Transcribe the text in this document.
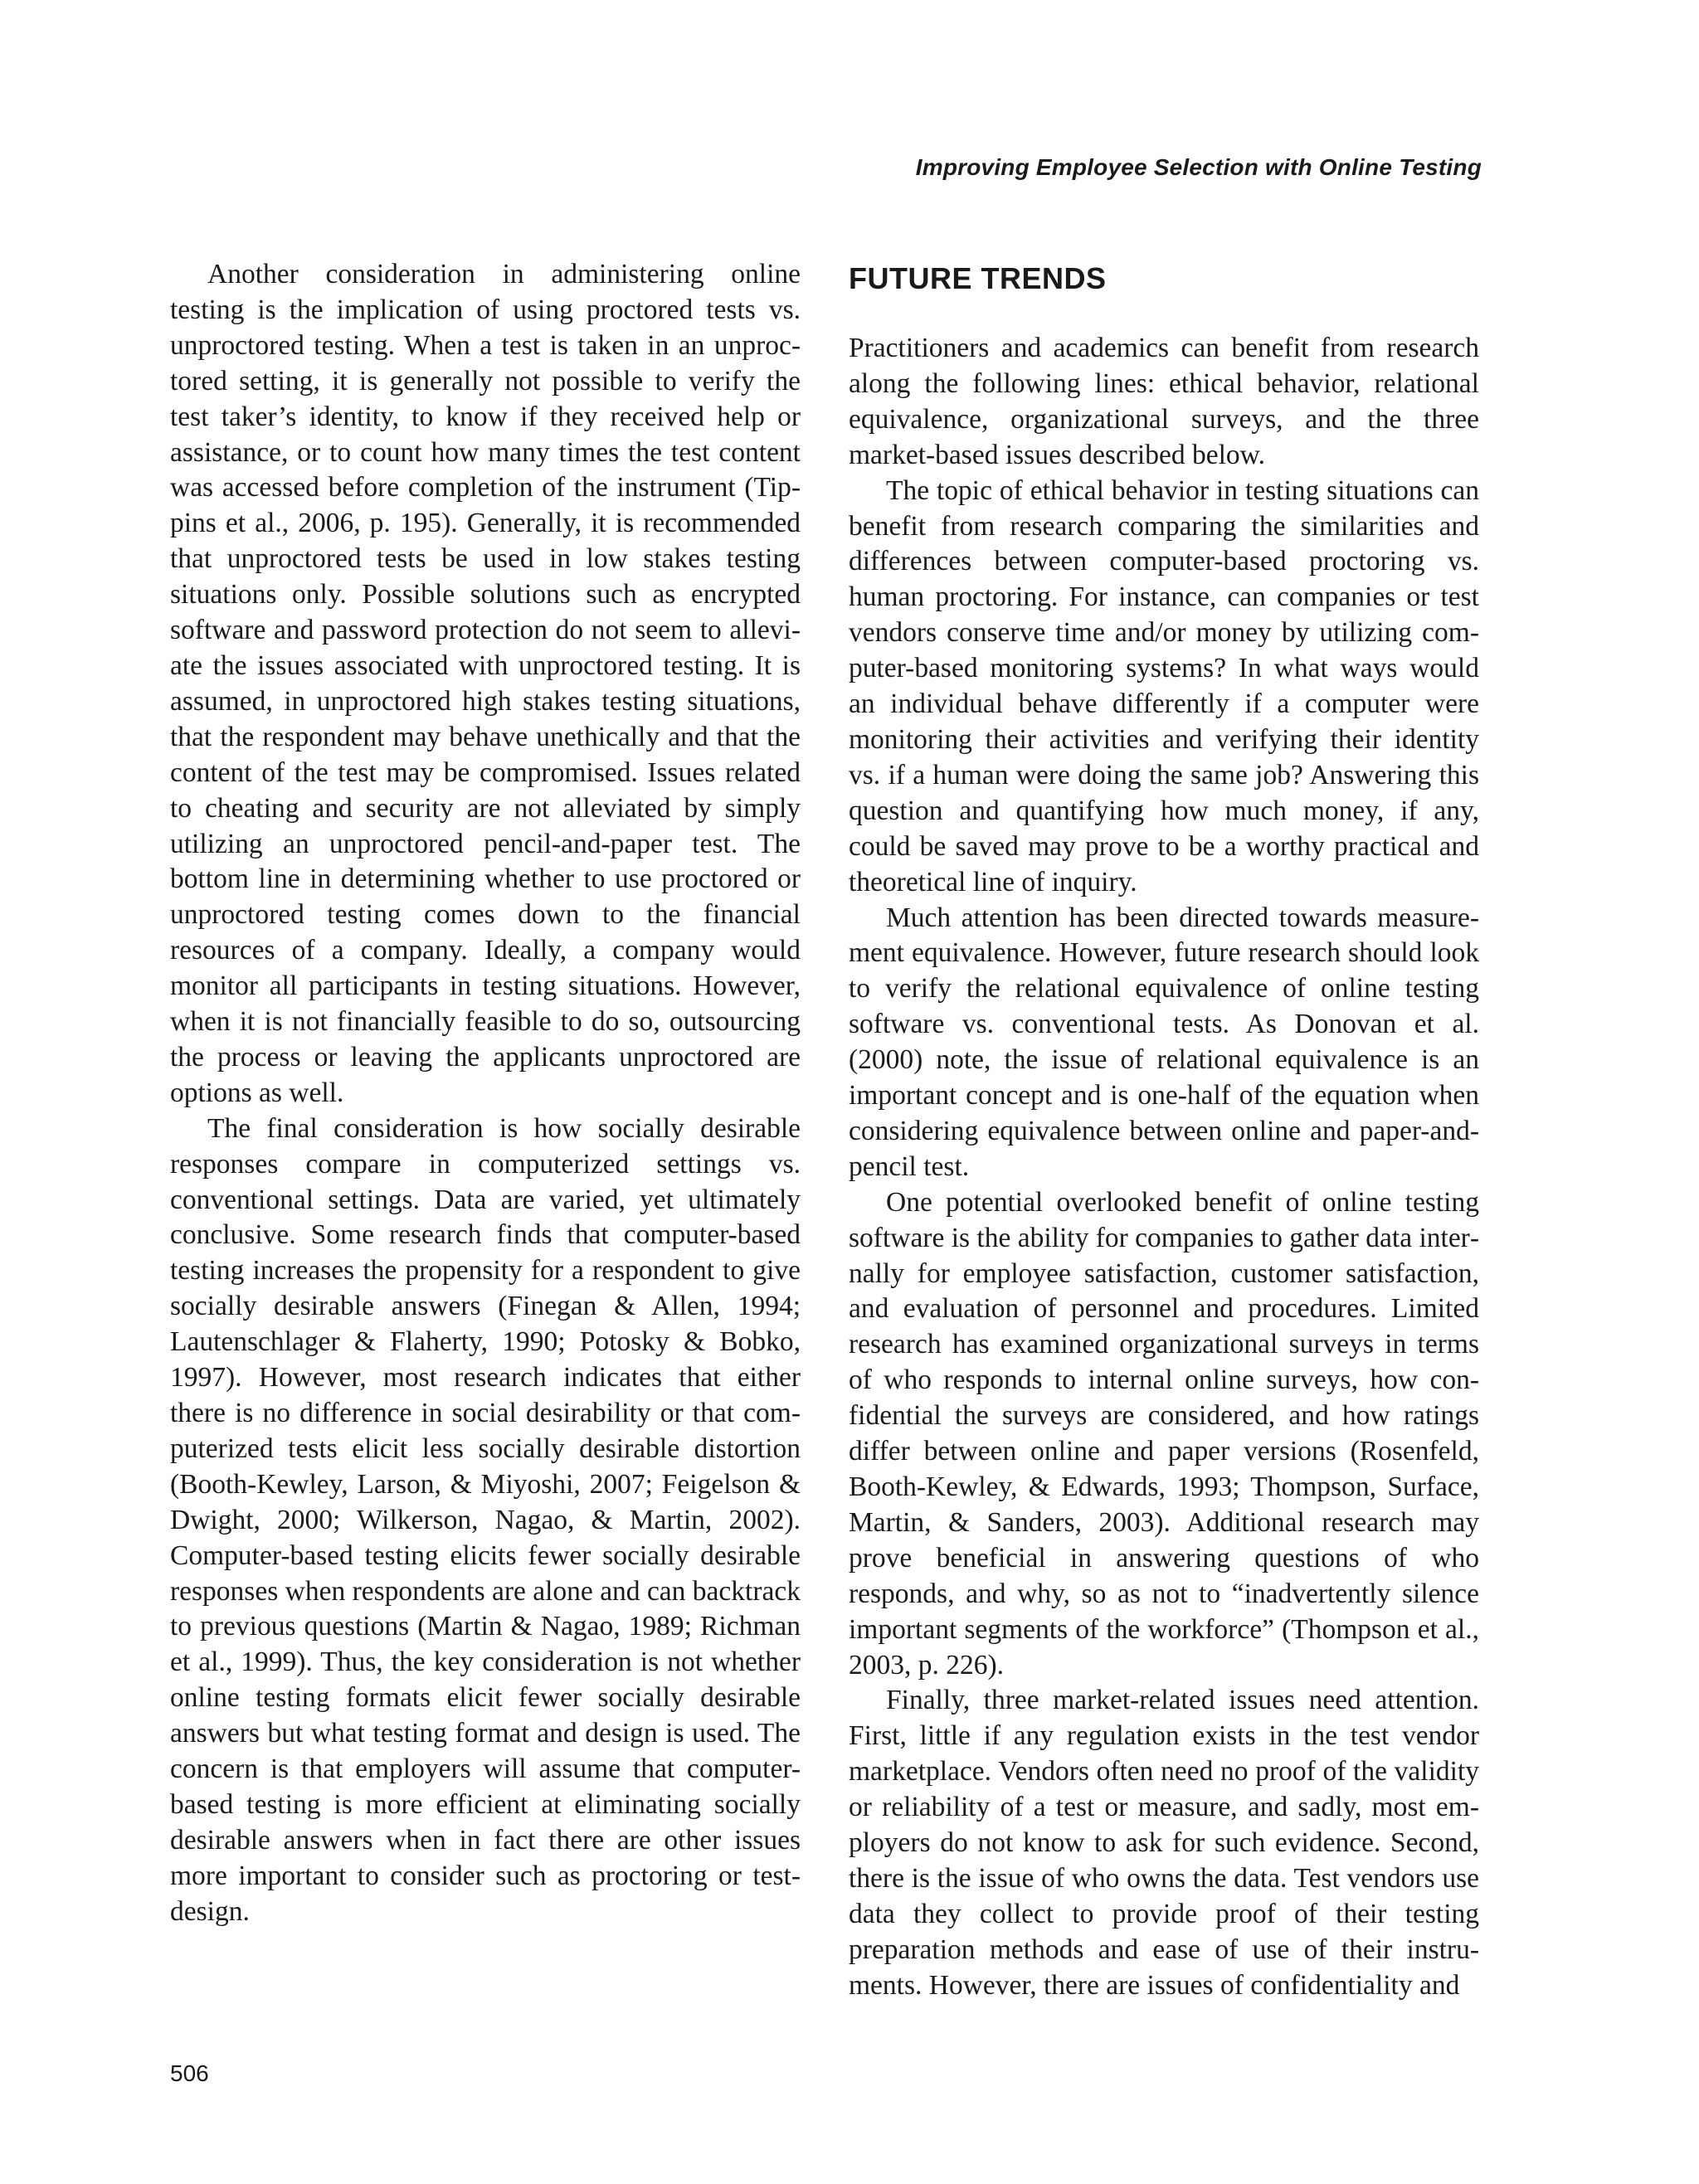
Improving Employee Selection with Online Testing

Another consideration in administering online testing is the implication of using proctored tests vs. unproctored testing. When a test is taken in an unproctored setting, it is generally not possible to verify the test taker’s identity, to know if they received help or assistance, or to count how many times the test content was accessed before completion of the instrument (Tippins et al., 2006, p. 195). Generally, it is recommended that unproctored tests be used in low stakes testing situations only. Possible solutions such as encrypted software and password protection do not seem to alleviate the issues associated with unproctored testing. It is assumed, in unproctored high stakes testing situations, that the respondent may behave unethically and that the content of the test may be compromised. Issues related to cheating and security are not alleviated by simply utilizing an unproctored pencil-and-paper test. The bottom line in determining whether to use proctored or unproctored testing comes down to the financial resources of a company. Ideally, a company would monitor all participants in testing situations. However, when it is not financially feasible to do so, outsourcing the process or leaving the applicants unproctored are options as well.

The final consideration is how socially desirable responses compare in computerized settings vs. conventional settings. Data are varied, yet ultimately conclusive. Some research finds that computer-based testing increases the propensity for a respondent to give socially desirable answers (Finegan & Allen, 1994; Lautenschlager & Flaherty, 1990; Potosky & Bobko, 1997). However, most research indicates that either there is no difference in social desirability or that computerized tests elicit less socially desirable distortion (Booth-Kewley, Larson, & Miyoshi, 2007; Feigelson & Dwight, 2000; Wilkerson, Nagao, & Martin, 2002). Computer-based testing elicits fewer socially desirable responses when respondents are alone and can backtrack to previous questions (Martin & Nagao, 1989; Richman et al., 1999). Thus, the key consideration is not whether online testing formats elicit fewer socially desirable answers but what testing format and design is used. The concern is that employers will assume that computer-based testing is more efficient at eliminating socially desirable answers when in fact there are other issues more important to consider such as proctoring or test-design.

FUTURE TRENDS

Practitioners and academics can benefit from research along the following lines: ethical behavior, relational equivalence, organizational surveys, and the three market-based issues described below.

The topic of ethical behavior in testing situations can benefit from research comparing the similarities and differences between computer-based proctoring vs. human proctoring. For instance, can companies or test vendors conserve time and/or money by utilizing computer-based monitoring systems? In what ways would an individual behave differently if a computer were monitoring their activities and verifying their identity vs. if a human were doing the same job? Answering this question and quantifying how much money, if any, could be saved may prove to be a worthy practical and theoretical line of inquiry.

Much attention has been directed towards measurement equivalence. However, future research should look to verify the relational equivalence of online testing software vs. conventional tests. As Donovan et al. (2000) note, the issue of relational equivalence is an important concept and is one-half of the equation when considering equivalence between online and paper-and-pencil test.

One potential overlooked benefit of online testing software is the ability for companies to gather data internally for employee satisfaction, customer satisfaction, and evaluation of personnel and procedures. Limited research has examined organizational surveys in terms of who responds to internal online surveys, how confidential the surveys are considered, and how ratings differ between online and paper versions (Rosenfeld, Booth-Kewley, & Edwards, 1993; Thompson, Surface, Martin, & Sanders, 2003). Additional research may prove beneficial in answering questions of who responds, and why, so as not to “inadvertently silence important segments of the workforce” (Thompson et al., 2003, p. 226).

Finally, three market-related issues need attention. First, little if any regulation exists in the test vendor marketplace. Vendors often need no proof of the validity or reliability of a test or measure, and sadly, most employers do not know to ask for such evidence. Second, there is the issue of who owns the data. Test vendors use data they collect to provide proof of their testing preparation methods and ease of use of their instruments. However, there are issues of confidentiality and

506
